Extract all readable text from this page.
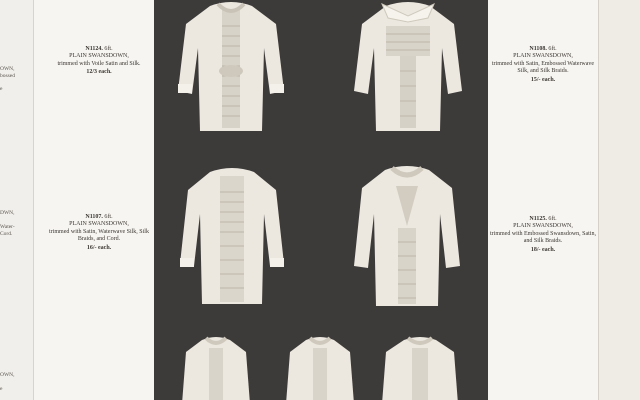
OWN,
bossed
e
DWN,
Water-
Cord.
OWN,
e
N1124. 6ft.
PLAIN SWANSDOWN,
trimmed with Voile Satin and Silk.
12/3 each.
N1108. 6ft.
PLAIN SWANSDOWN,
trimmed with Satin, Embossed Waterwave Silk, and Silk Braids.
15/- each.
N1107. 6ft.
PLAIN SWANSDOWN,
trimmed with Satin, Waterwave Silk, Silk Braids, and Cord.
16/- each.
N1125. 6ft.
PLAIN SWANSDOWN,
trimmed with Embossed Swansdown, Satin, and Silk Braids.
18/- each.
